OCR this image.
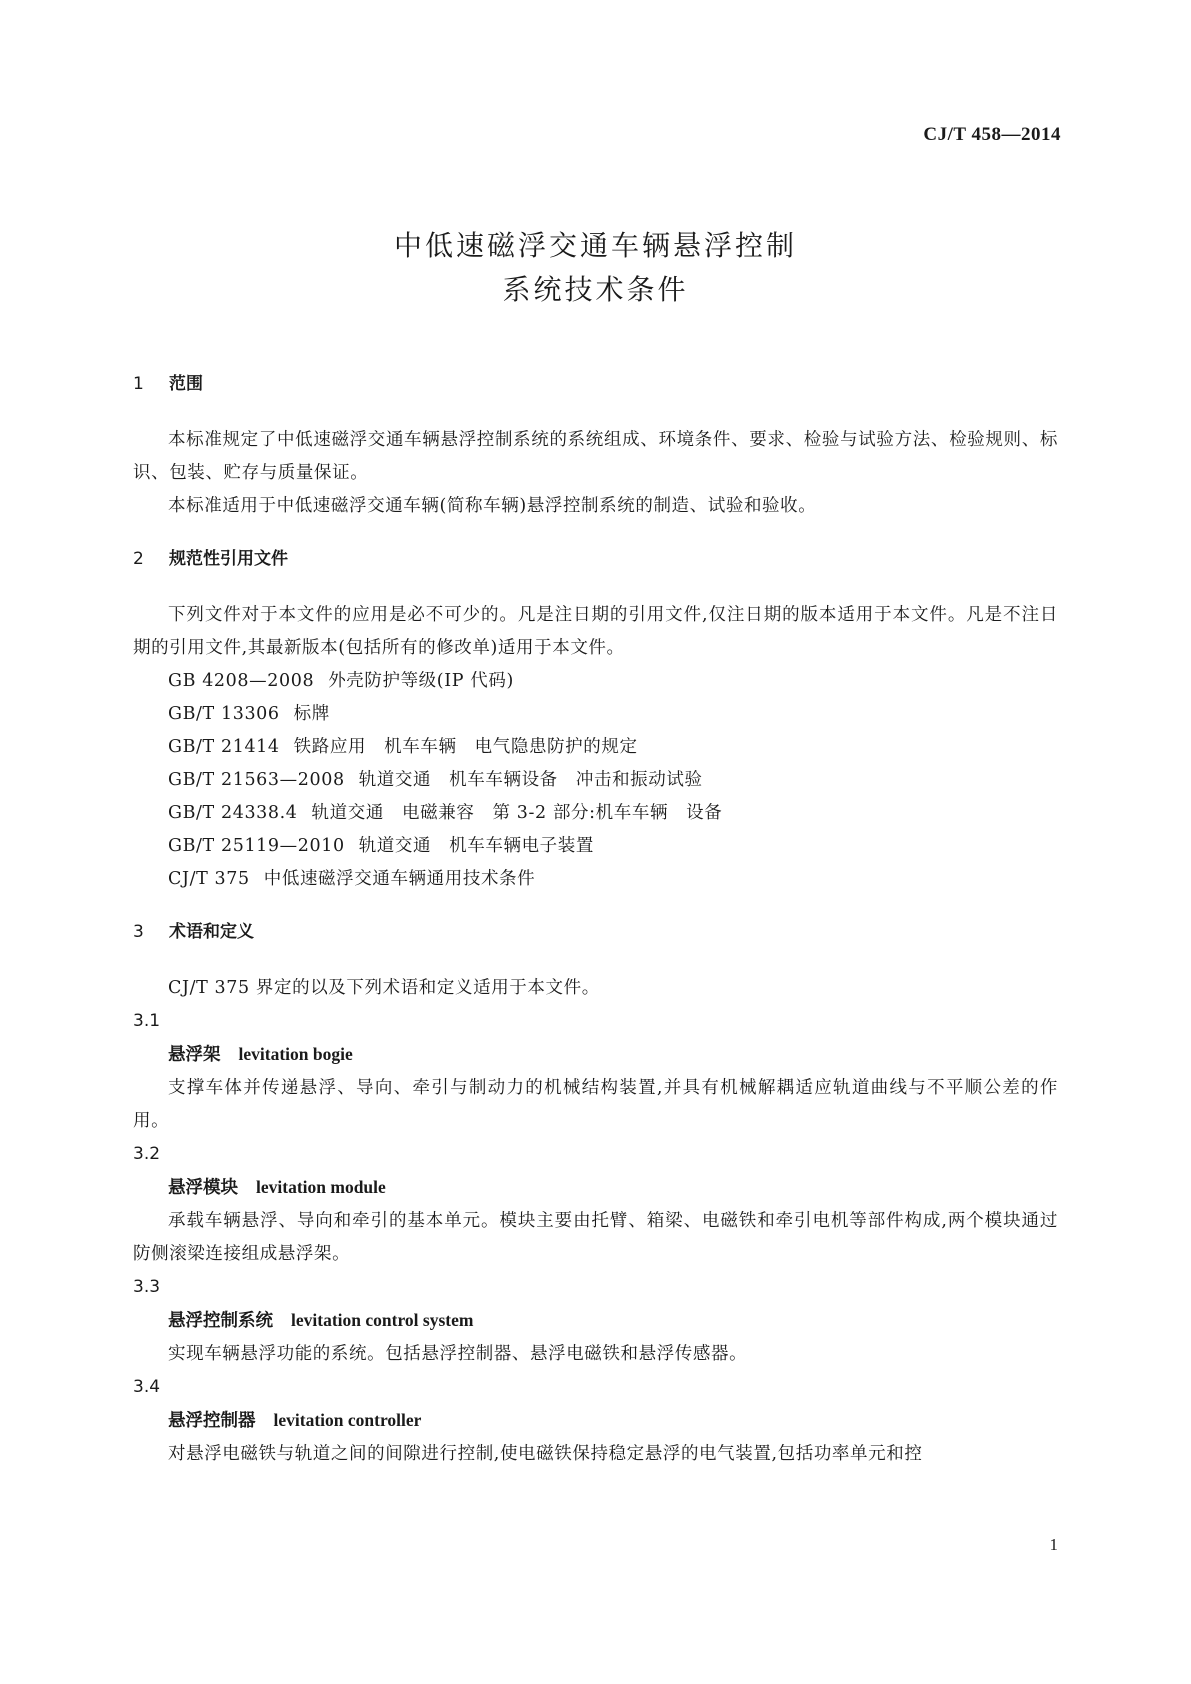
CJ/T 458—2014
中低速磁浮交通车辆悬浮控制
系统技术条件

1 范围

本标准规定了中低速磁浮交通车辆悬浮控制系统的系统组成、环境条件、要求、检验与试验方法、检验规则、标识、包装、贮存与质量保证。

本标准适用于中低速磁浮交通车辆(简称车辆)悬浮控制系统的制造、试验和验收。

2 规范性引用文件

下列文件对于本文件的应用是必不可少的。凡是注日期的引用文件,仅注日期的版本适用于本文件。凡是不注日期的引用文件,其最新版本(包括所有的修改单)适用于本文件。

GB 4208—2008 外壳防护等级(IP 代码)

GB/T 13306 标牌

GB/T 21414 铁路应用　机车车辆　电气隐患防护的规定

GB/T 21563—2008 轨道交通　机车车辆设备　冲击和振动试验

GB/T 24338.4 轨道交通　电磁兼容　第 3-2 部分:机车车辆　设备

GB/T 25119—2010 轨道交通　机车车辆电子装置

CJ/T 375 中低速磁浮交通车辆通用技术条件

3 术语和定义

CJ/T 375 界定的以及下列术语和定义适用于本文件。

3.1

悬浮架 levitation bogie

支撑车体并传递悬浮、导向、牵引与制动力的机械结构装置,并具有机械解耦适应轨道曲线与不平顺公差的作用。

3.2

悬浮模块 levitation module

承载车辆悬浮、导向和牵引的基本单元。模块主要由托臂、箱梁、电磁铁和牵引电机等部件构成,两个模块通过防侧滚梁连接组成悬浮架。

3.3

悬浮控制系统 levitation control system

实现车辆悬浮功能的系统。包括悬浮控制器、悬浮电磁铁和悬浮传感器。

3.4

悬浮控制器 levitation controller

对悬浮电磁铁与轨道之间的间隙进行控制,使电磁铁保持稳定悬浮的电气装置,包括功率单元和控

1
